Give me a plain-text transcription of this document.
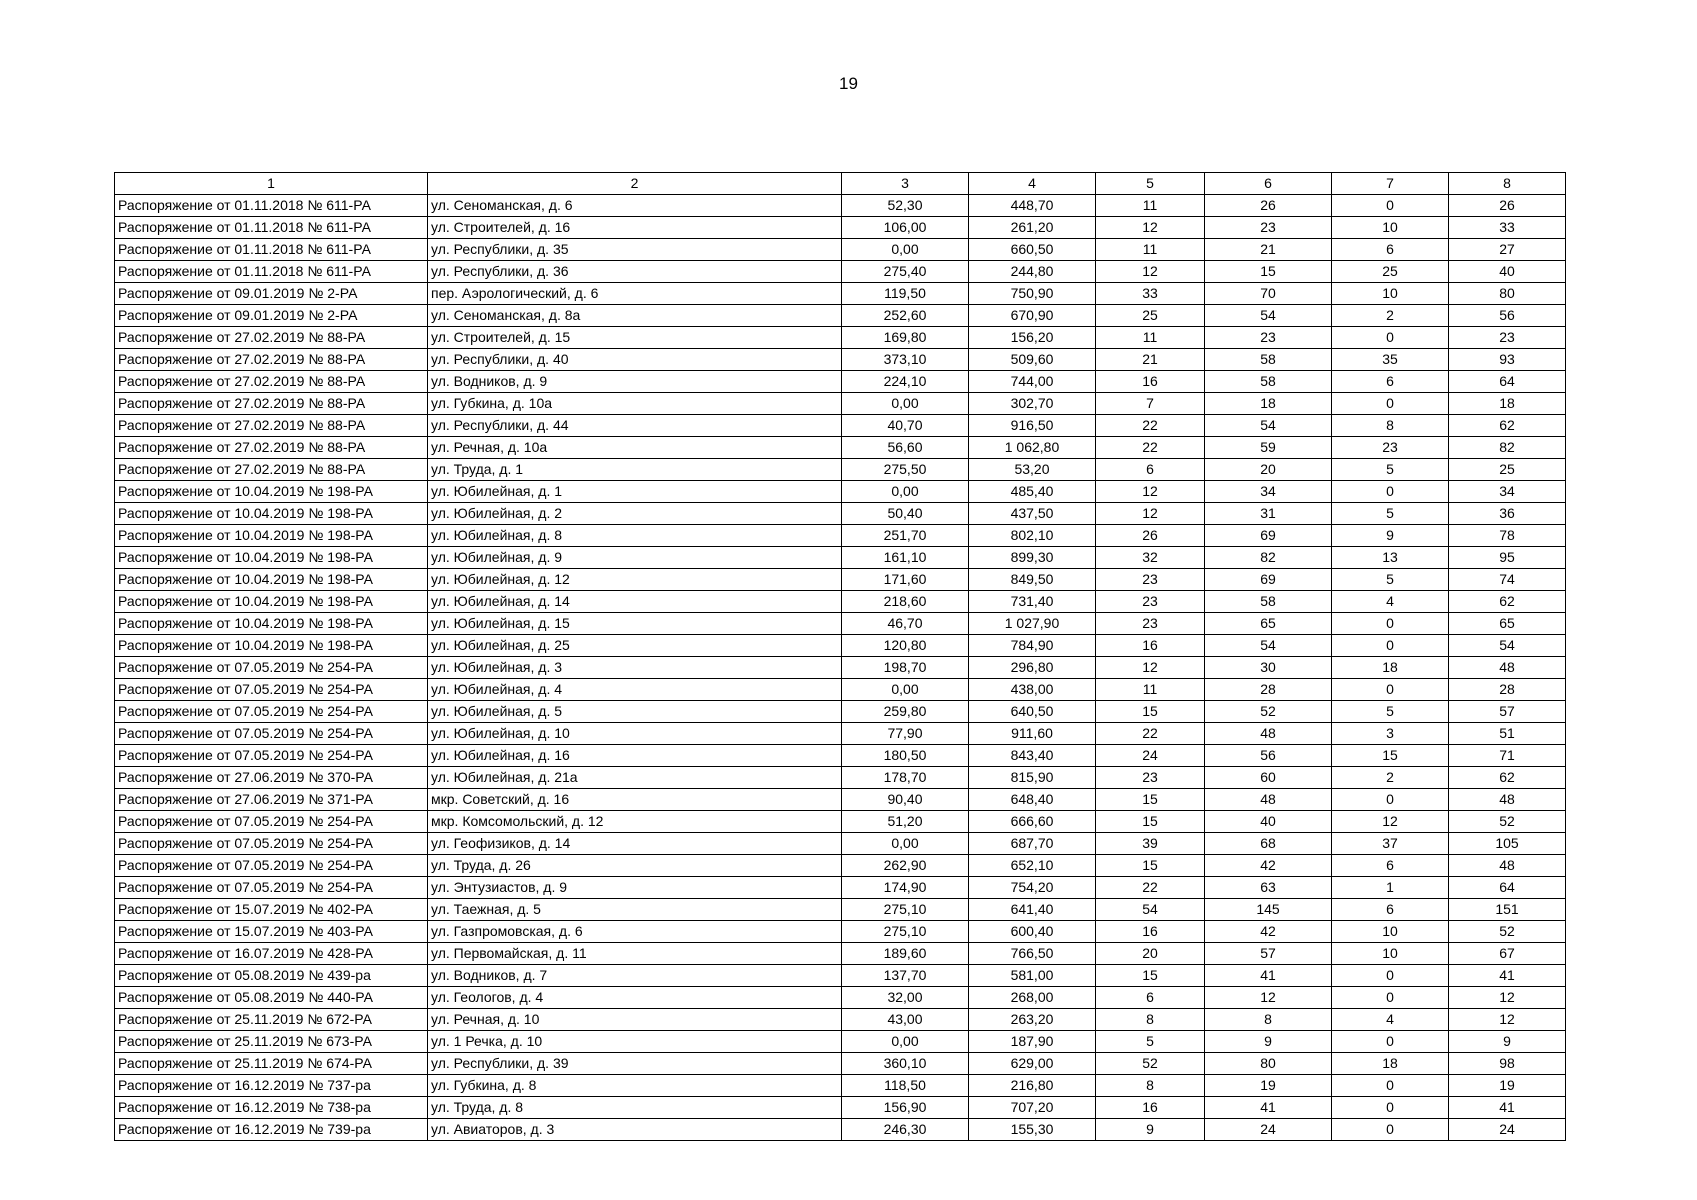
19
1	2	3	4	5	6	7	8
Распоряжение от 01.11.2018 № 611-РА	ул. Сеноманская, д. 6	52,30	448,70	11	26	0	26
Распоряжение от 01.11.2018 № 611-РА	ул. Строителей, д. 16	106,00	261,20	12	23	10	33
Распоряжение от 01.11.2018 № 611-РА	ул. Республики, д. 35	0,00	660,50	11	21	6	27
Распоряжение от 01.11.2018 № 611-РА	ул. Республики, д. 36	275,40	244,80	12	15	25	40
Распоряжение от 09.01.2019 № 2-РА	пер. Аэрологический, д. 6	119,50	750,90	33	70	10	80
Распоряжение от 09.01.2019 № 2-РА	ул. Сеноманская, д. 8а	252,60	670,90	25	54	2	56
Распоряжение от 27.02.2019 № 88-РА	ул. Строителей, д. 15	169,80	156,20	11	23	0	23
Распоряжение от 27.02.2019 № 88-РА	ул. Республики, д. 40	373,10	509,60	21	58	35	93
Распоряжение от 27.02.2019 № 88-РА	ул. Водников, д. 9	224,10	744,00	16	58	6	64
Распоряжение от 27.02.2019 № 88-РА	ул. Губкина, д. 10а	0,00	302,70	7	18	0	18
Распоряжение от 27.02.2019 № 88-РА	ул. Республики, д. 44	40,70	916,50	22	54	8	62
Распоряжение от 27.02.2019 № 88-РА	ул. Речная, д. 10а	56,60	1 062,80	22	59	23	82
Распоряжение от 27.02.2019 № 88-РА	ул. Труда, д. 1	275,50	53,20	6	20	5	25
Распоряжение от 10.04.2019 № 198-РА	ул. Юбилейная, д. 1	0,00	485,40	12	34	0	34
Распоряжение от 10.04.2019 № 198-РА	ул. Юбилейная, д. 2	50,40	437,50	12	31	5	36
Распоряжение от 10.04.2019 № 198-РА	ул. Юбилейная, д. 8	251,70	802,10	26	69	9	78
Распоряжение от 10.04.2019 № 198-РА	ул. Юбилейная, д. 9	161,10	899,30	32	82	13	95
Распоряжение от 10.04.2019 № 198-РА	ул. Юбилейная, д. 12	171,60	849,50	23	69	5	74
Распоряжение от 10.04.2019 № 198-РА	ул. Юбилейная, д. 14	218,60	731,40	23	58	4	62
Распоряжение от 10.04.2019 № 198-РА	ул. Юбилейная, д. 15	46,70	1 027,90	23	65	0	65
Распоряжение от 10.04.2019 № 198-РА	ул. Юбилейная, д. 25	120,80	784,90	16	54	0	54
Распоряжение от 07.05.2019 № 254-РА	ул. Юбилейная, д. 3	198,70	296,80	12	30	18	48
Распоряжение от 07.05.2019 № 254-РА	ул. Юбилейная, д. 4	0,00	438,00	11	28	0	28
Распоряжение от 07.05.2019 № 254-РА	ул. Юбилейная, д. 5	259,80	640,50	15	52	5	57
Распоряжение от 07.05.2019 № 254-РА	ул. Юбилейная, д. 10	77,90	911,60	22	48	3	51
Распоряжение от 07.05.2019 № 254-РА	ул. Юбилейная, д. 16	180,50	843,40	24	56	15	71
Распоряжение от 27.06.2019 № 370-РА	ул. Юбилейная, д. 21а	178,70	815,90	23	60	2	62
Распоряжение от 27.06.2019 № 371-РА	мкр. Советский, д. 16	90,40	648,40	15	48	0	48
Распоряжение от 07.05.2019 № 254-РА	мкр. Комсомольский, д. 12	51,20	666,60	15	40	12	52
Распоряжение от 07.05.2019 № 254-РА	ул. Геофизиков, д. 14	0,00	687,70	39	68	37	105
Распоряжение от 07.05.2019 № 254-РА	ул. Труда, д. 26	262,90	652,10	15	42	6	48
Распоряжение от 07.05.2019 № 254-РА	ул. Энтузиастов, д. 9	174,90	754,20	22	63	1	64
Распоряжение от 15.07.2019 № 402-РА	ул. Таежная, д. 5	275,10	641,40	54	145	6	151
Распоряжение от 15.07.2019 № 403-РА	ул. Газпромовская, д. 6	275,10	600,40	16	42	10	52
Распоряжение от 16.07.2019 № 428-РА	ул. Первомайская, д. 11	189,60	766,50	20	57	10	67
Распоряжение от 05.08.2019 № 439-ра	ул. Водников, д. 7	137,70	581,00	15	41	0	41
Распоряжение от 05.08.2019 № 440-РА	ул. Геологов, д. 4	32,00	268,00	6	12	0	12
Распоряжение от 25.11.2019 № 672-РА	ул. Речная, д. 10	43,00	263,20	8	8	4	12
Распоряжение от 25.11.2019 № 673-РА	ул. 1 Речка, д. 10	0,00	187,90	5	9	0	9
Распоряжение от 25.11.2019 № 674-РА	ул. Республики, д. 39	360,10	629,00	52	80	18	98
Распоряжение от 16.12.2019 № 737-ра	ул. Губкина, д. 8	118,50	216,80	8	19	0	19
Распоряжение от 16.12.2019 № 738-ра	ул. Труда, д. 8	156,90	707,20	16	41	0	41
Распоряжение от 16.12.2019 № 739-ра	ул. Авиаторов, д. 3	246,30	155,30	9	24	0	24
